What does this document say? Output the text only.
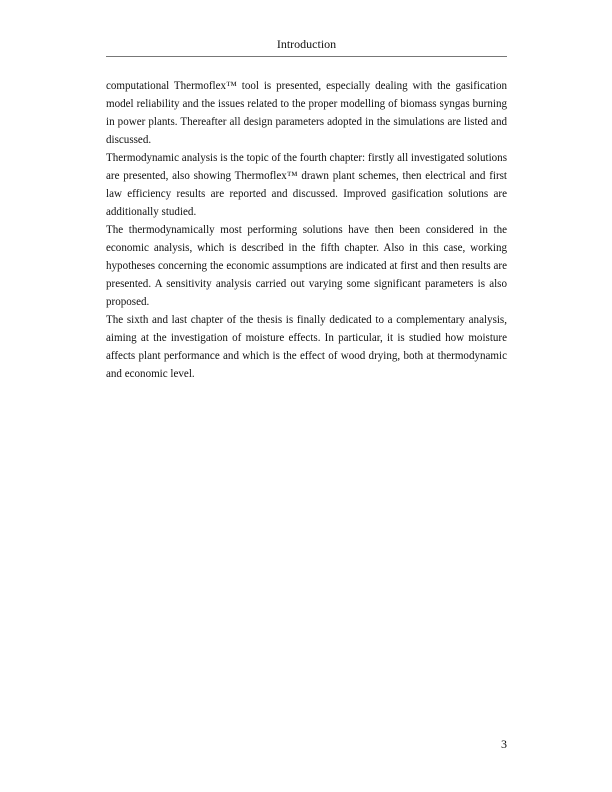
Introduction

computational Thermoflex™ tool is presented, especially dealing with the gasification model reliability and the issues related to the proper modelling of biomass syngas burning in power plants. Thereafter all design parameters adopted in the simulations are listed and discussed.

Thermodynamic analysis is the topic of the fourth chapter: firstly all investigated solutions are presented, also showing Thermoflex™ drawn plant schemes, then electrical and first law efficiency results are reported and discussed. Improved gasification solutions are additionally studied.

The thermodynamically most performing solutions have then been considered in the economic analysis, which is described in the fifth chapter. Also in this case, working hypotheses concerning the economic assumptions are indicated at first and then results are presented. A sensitivity analysis carried out varying some significant parameters is also proposed.

The sixth and last chapter of the thesis is finally dedicated to a complementary analysis, aiming at the investigation of moisture effects. In particular, it is studied how moisture affects plant performance and which is the effect of wood drying, both at thermodynamic and economic level.

3
